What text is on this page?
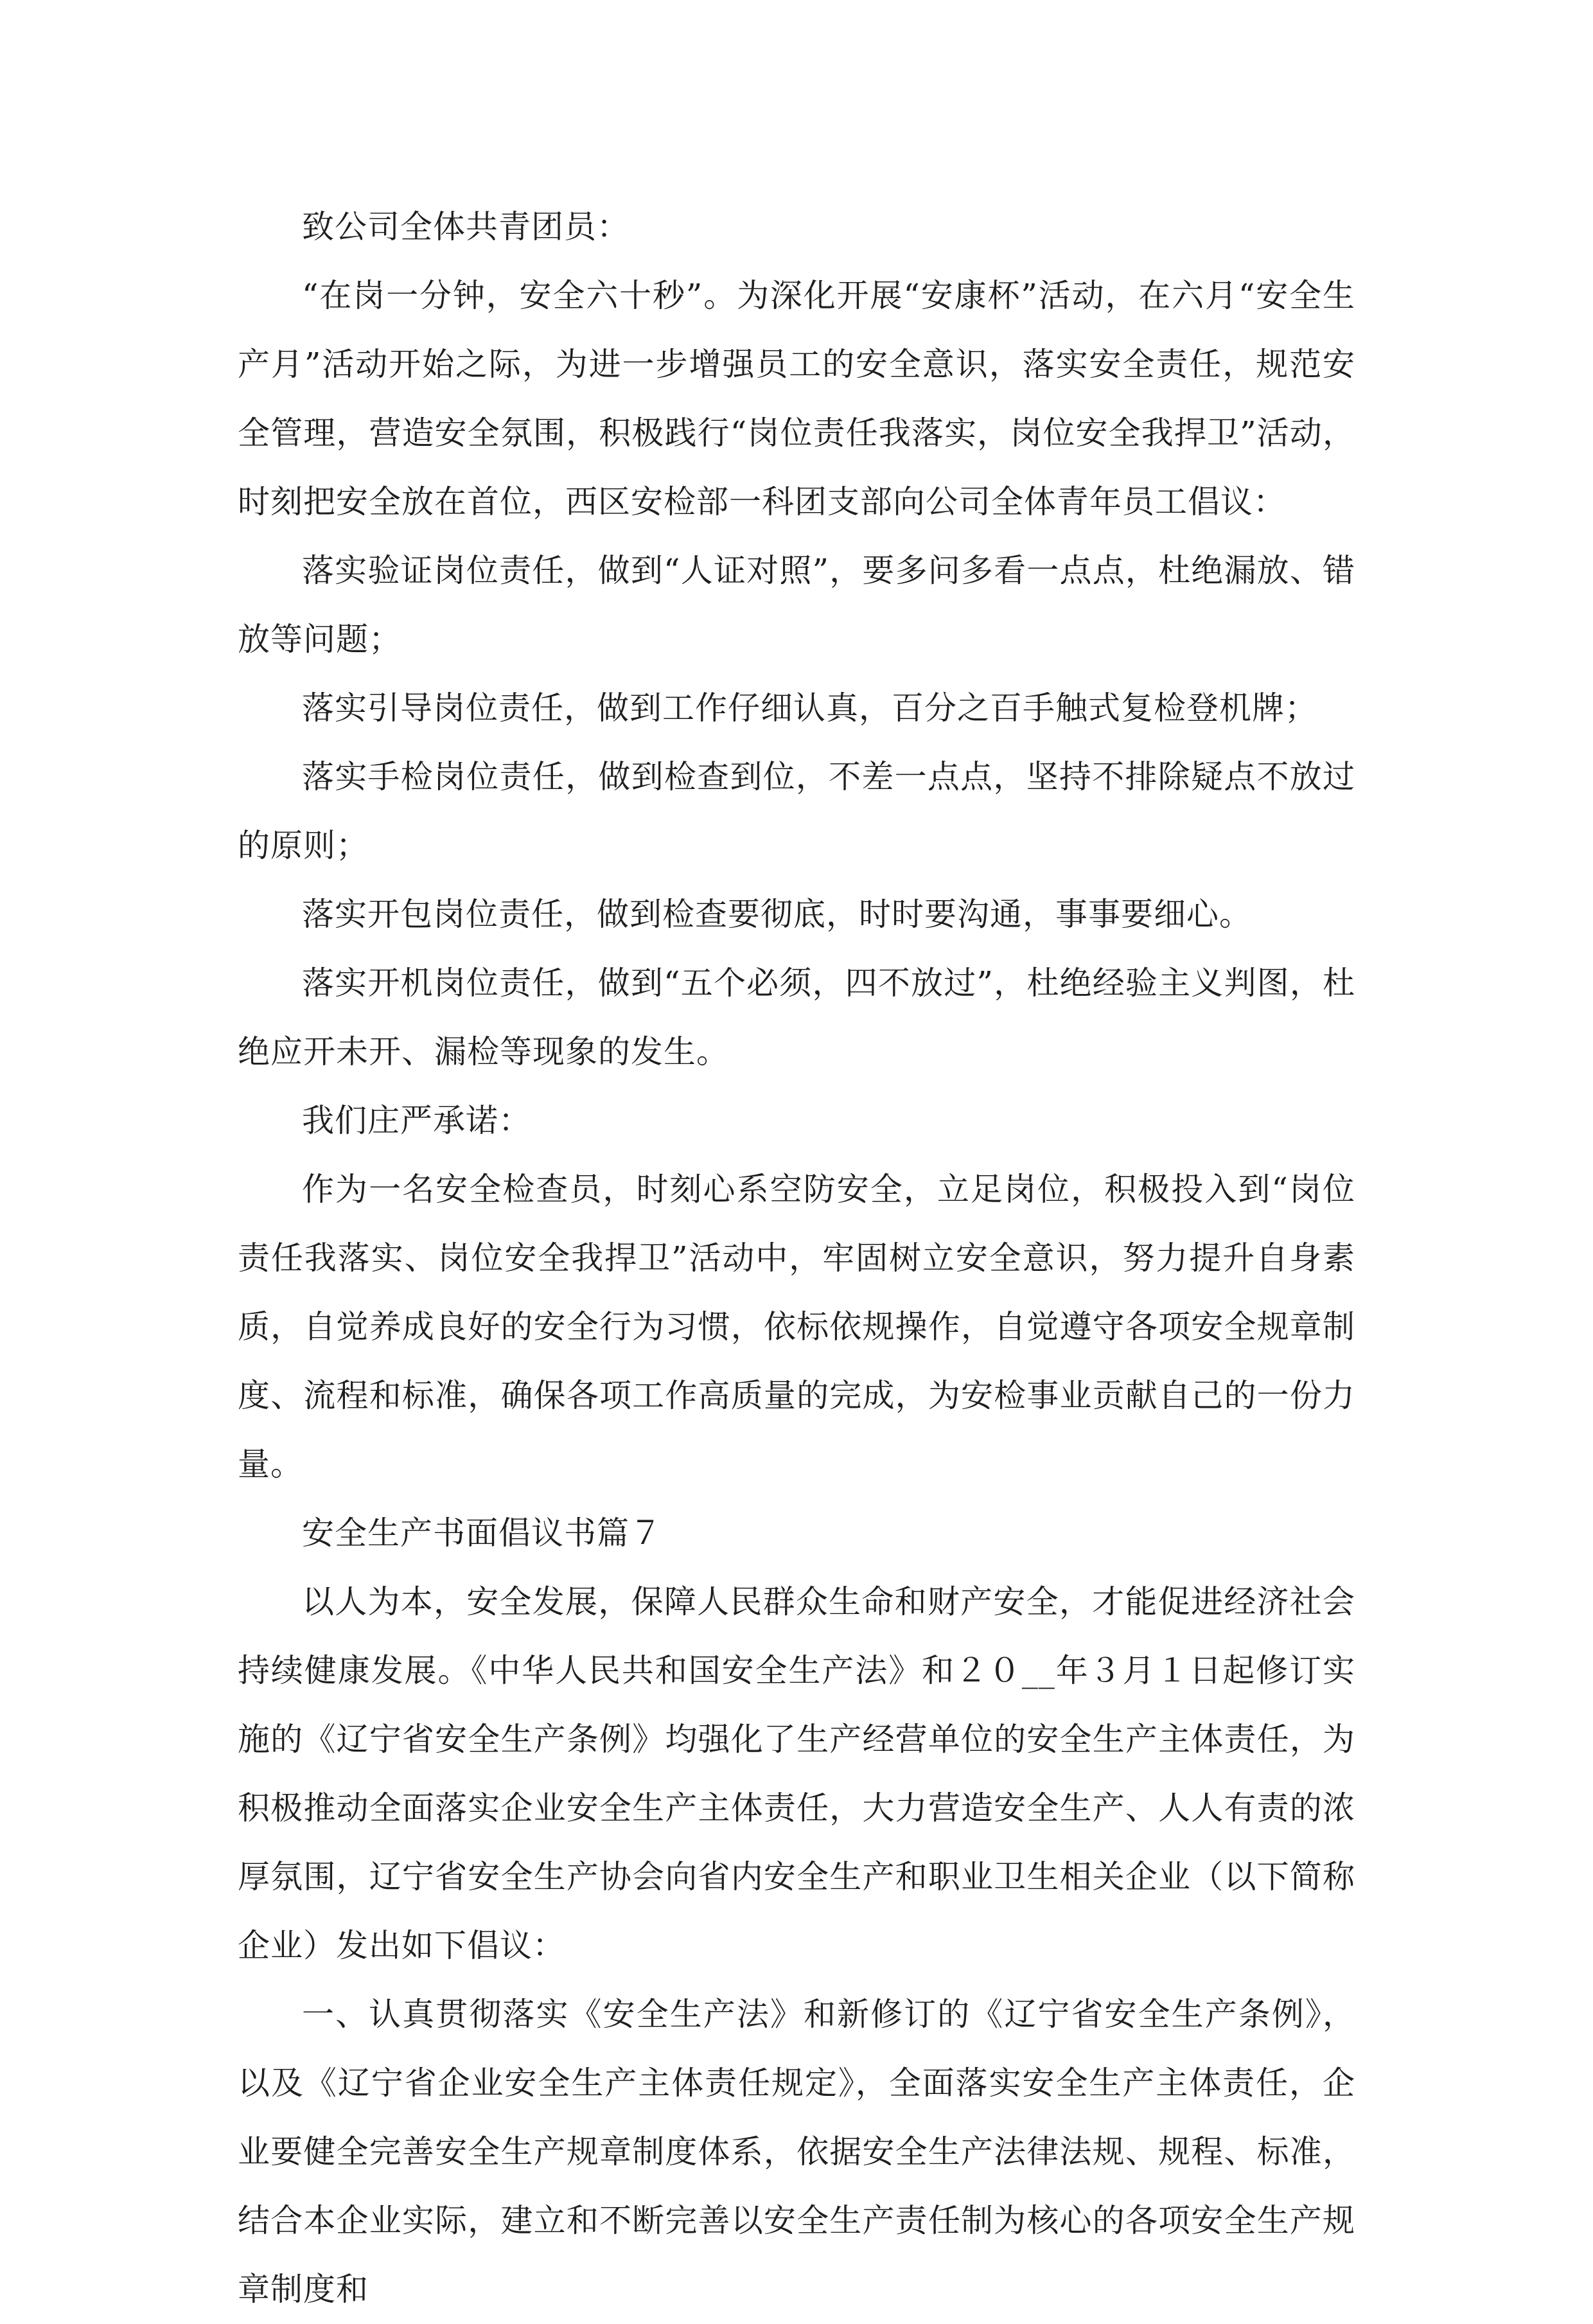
致公司全体共青团员：

“在岗一分钟，安全六十秒”。为深化开展“安康杯”活动，在六月“安全生产月”活动开始之际，为进一步增强员工的安全意识，落实安全责任，规范安全管理，营造安全氛围，积极践行“岗位责任我落实，岗位安全我捍卫”活动，时刻把安全放在首位，西区安检部一科团支部向公司全体青年员工倡议：

落实验证岗位责任，做到“人证对照”，要多问多看一点点，杜绝漏放、错放等问题；

落实引导岗位责任，做到工作仔细认真，百分之百手触式复检登机牌；

落实手检岗位责任，做到检查到位，不差一点点，坚持不排除疑点不放过的原则；

落实开包岗位责任，做到检查要彻底，时时要沟通，事事要细心。

落实开机岗位责任，做到“五个必须，四不放过”，杜绝经验主义判图，杜绝应开未开、漏检等现象的发生。

我们庄严承诺：

作为一名安全检查员，时刻心系空防安全，立足岗位，积极投入到“岗位责任我落实、岗位安全我捍卫”活动中，牢固树立安全意识，努力提升自身素质，自觉养成良好的安全行为习惯，依标依规操作，自觉遵守各项安全规章制度、流程和标准，确保各项工作高质量的完成，为安检事业贡献自己的一份力量。

安全生产书面倡议书篇７

以人为本，安全发展，保障人民群众生命和财产安全，才能促进经济社会持续健康发展。《中华人民共和国安全生产法》和２０__年３月１日起修订实施的《辽宁省安全生产条例》均强化了生产经营单位的安全生产主体责任，为积极推动全面落实企业安全生产主体责任，大力营造安全生产、人人有责的浓厚氛围，辽宁省安全生产协会向省内安全生产和职业卫生相关企业（以下简称企业）发出如下倡议：

一、认真贯彻落实《安全生产法》和新修订的《辽宁省安全生产条例》，以及《辽宁省企业安全生产主体责任规定》，全面落实安全生产主体责任，企业要健全完善安全生产规章制度体系，依据安全生产法律法规、规程、标准，结合本企业实际，建立和不断完善以安全生产责任制为核心的各项安全生产规章制度和
